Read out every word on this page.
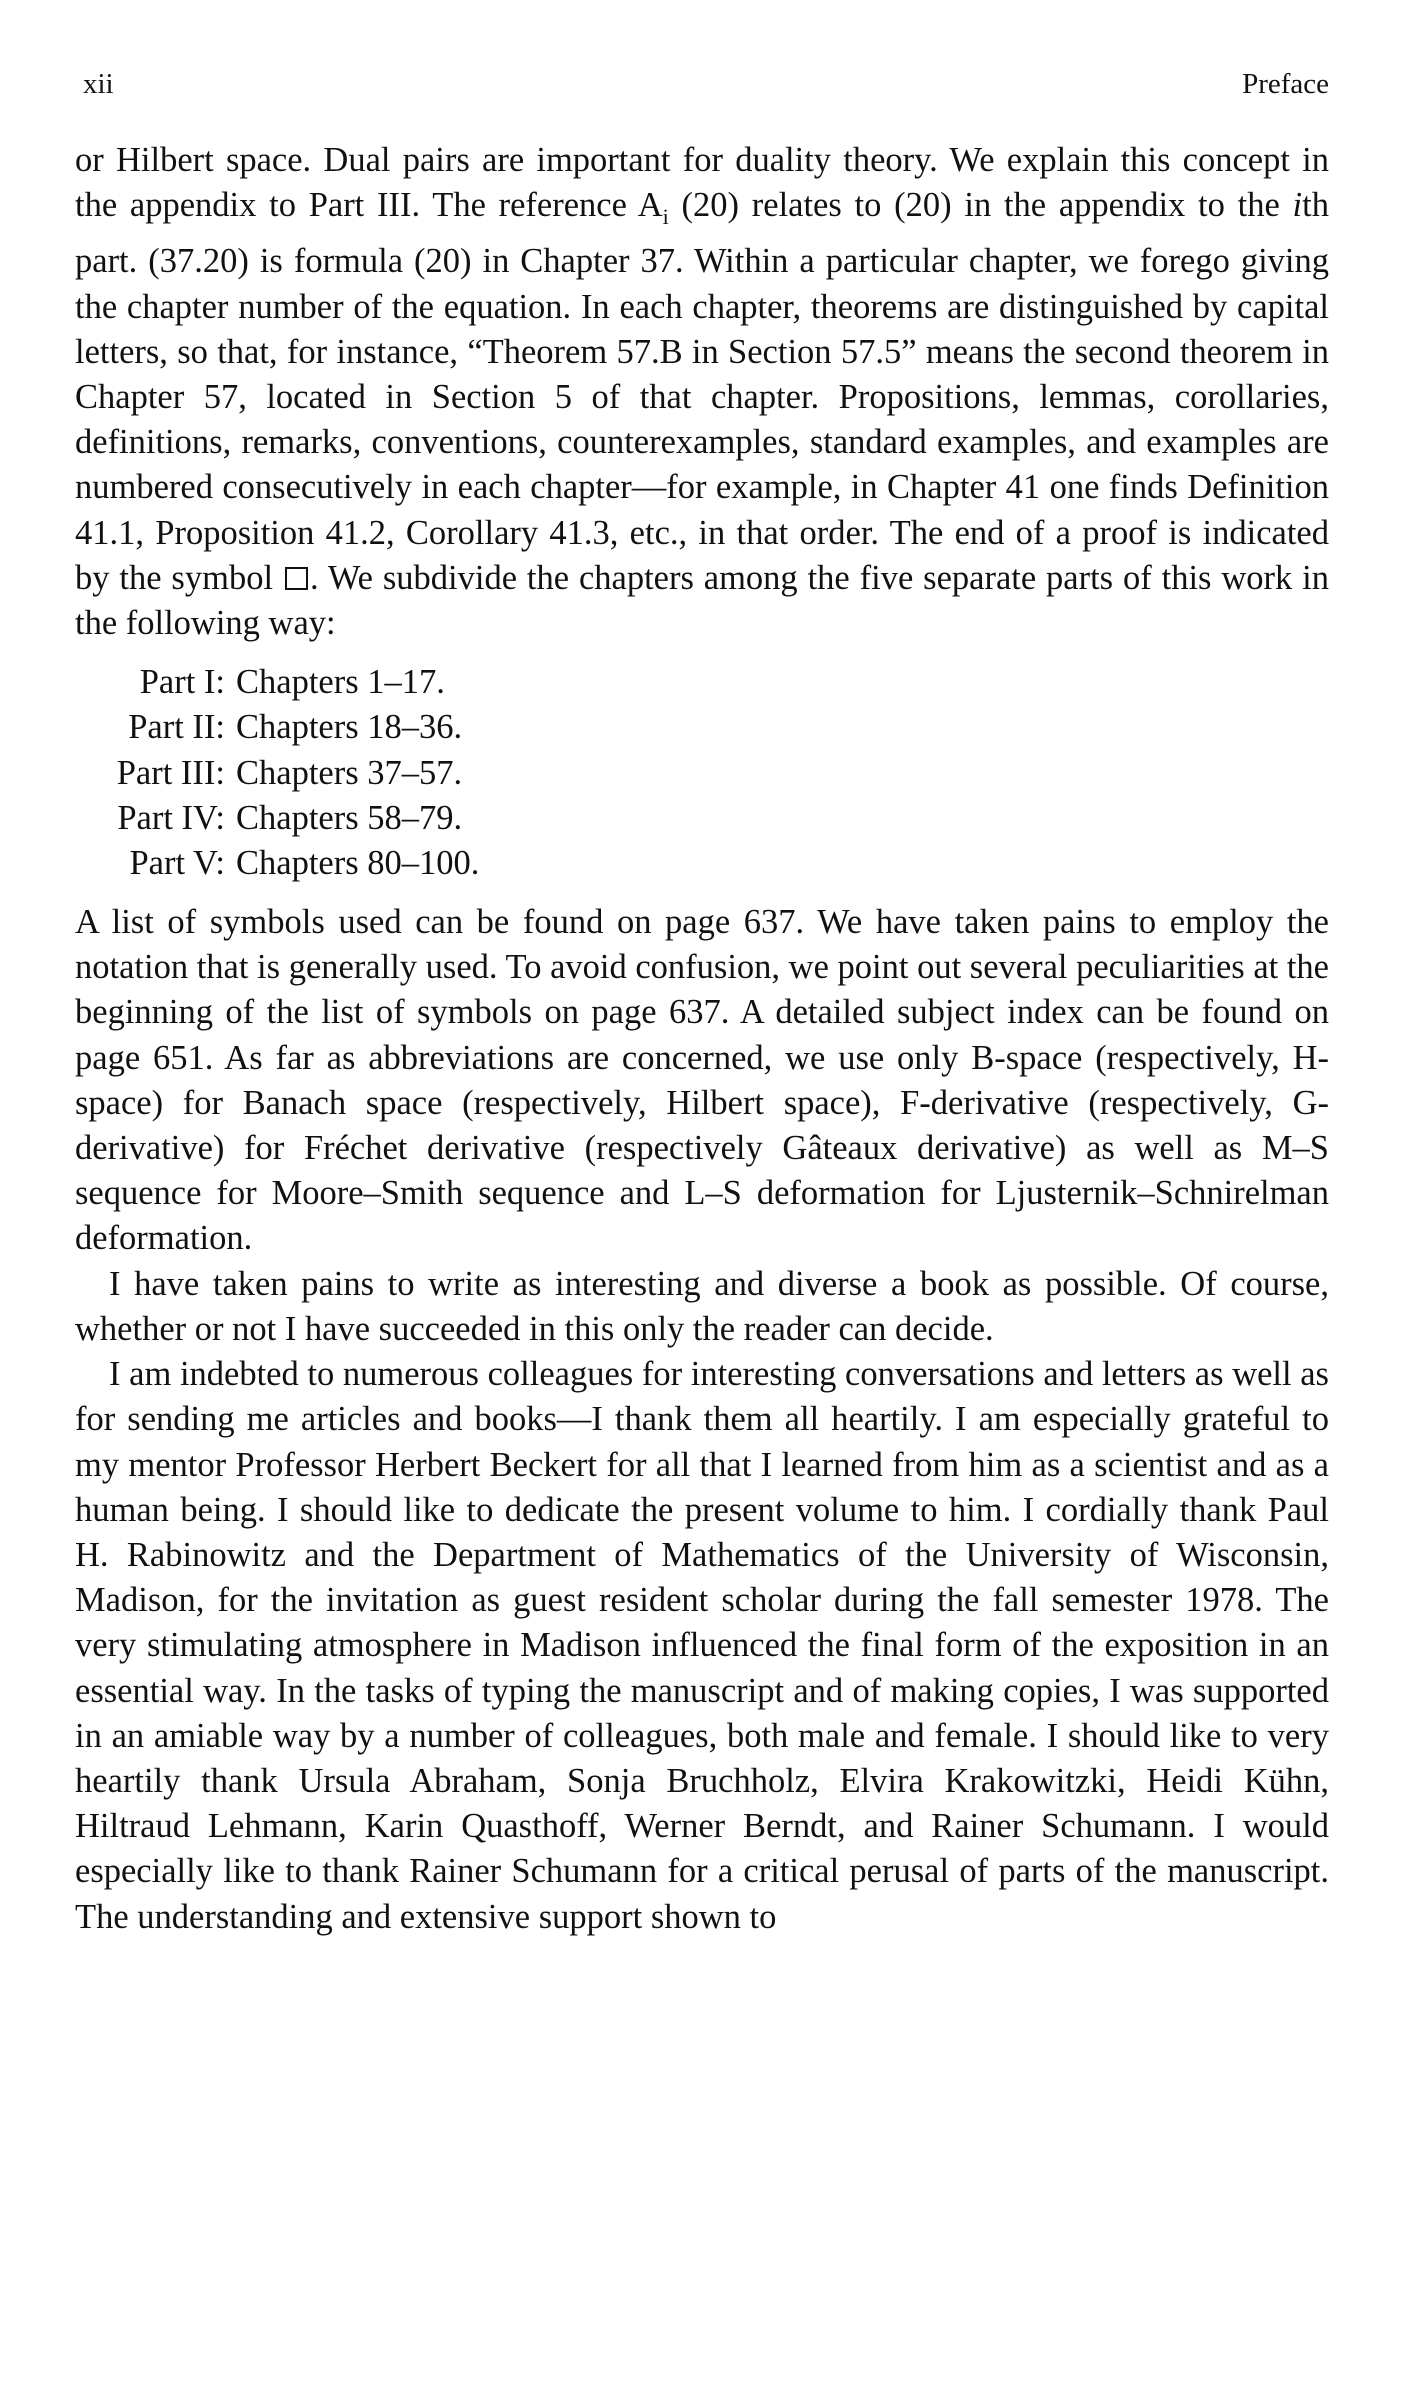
xii	Preface

or Hilbert space. Dual pairs are important for duality theory. We explain this concept in the appendix to Part III. The reference $A_i$ (20) relates to (20) in the appendix to the ith part. (37.20) is formula (20) in Chapter 37. Within a particular chapter, we forego giving the chapter number of the equation. In each chapter, theorems are distinguished by capital letters, so that, for instance, “Theorem 57.B in Section 57.5” means the second theorem in Chapter 57, located in Section 5 of that chapter. Propositions, lemmas, corollaries, definitions, remarks, conventions, counterexamples, standard examples, and examples are numbered consecutively in each chapter—for example, in Chapter 41 one finds Definition 41.1, Proposition 41.2, Corollary 41.3, etc., in that order. The end of a proof is indicated by the symbol . We subdivide the chapters among the five separate parts of this work in the following way:

Part I: Chapters 1–17.
Part II: Chapters 18–36.
Part III: Chapters 37–57.
Part IV: Chapters 58–79.
Part V: Chapters 80–100.

A list of symbols used can be found on page 637. We have taken pains to employ the notation that is generally used. To avoid confusion, we point out several peculiarities at the beginning of the list of symbols on page 637. A detailed subject index can be found on page 651. As far as abbreviations are concerned, we use only B-space (respectively, H-space) for Banach space (respectively, Hilbert space), F-derivative (respectively, G-derivative) for Fréchet derivative (respectively Gâteaux derivative) as well as M–S sequence for Moore–Smith sequence and L–S deformation for Ljusternik–Schnirelman deformation.

I have taken pains to write as interesting and diverse a book as possible. Of course, whether or not I have succeeded in this only the reader can decide.

I am indebted to numerous colleagues for interesting conversations and letters as well as for sending me articles and books—I thank them all heartily. I am especially grateful to my mentor Professor Herbert Beckert for all that I learned from him as a scientist and as a human being. I should like to dedicate the present volume to him. I cordially thank Paul H. Rabinowitz and the Department of Mathematics of the University of Wisconsin, Madison, for the invitation as guest resident scholar during the fall semester 1978. The very stimulating atmosphere in Madison influenced the final form of the exposition in an essential way. In the tasks of typing the manuscript and of making copies, I was supported in an amiable way by a number of colleagues, both male and female. I should like to very heartily thank Ursula Abraham, Sonja Bruchholz, Elvira Krakowitzki, Heidi Kühn, Hiltraud Lehmann, Karin Quasthoff, Werner Berndt, and Rainer Schumann. I would especially like to thank Rainer Schumann for a critical perusal of parts of the manuscript. The understanding and extensive support shown to
